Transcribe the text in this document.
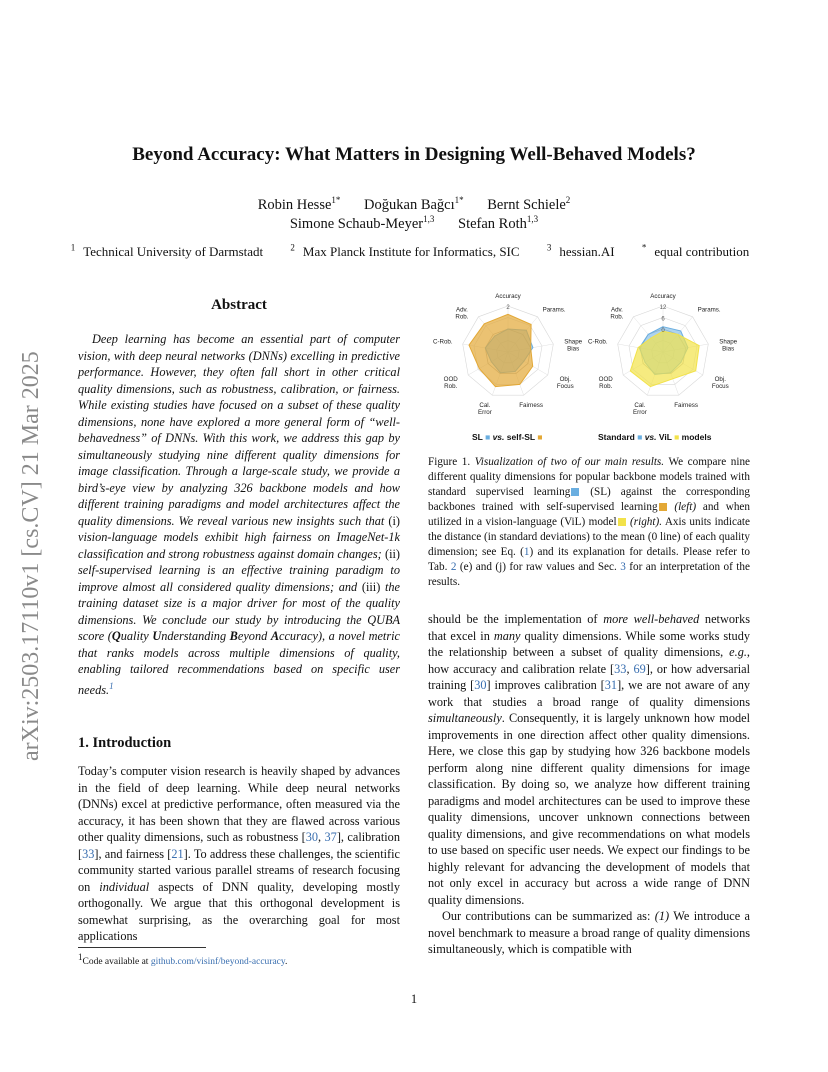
arXiv:2503.17110v1 [cs.CV] 21 Mar 2025
Beyond Accuracy: What Matters in Designing Well-Behaved Models?
Robin Hesse$^{1*}$ Doğukan Bağcı$^{1*}$ Bernt Schiele$^2$
Simone Schaub-Meyer$^{1,3}$ Stefan Roth$^{1,3}$
$^1$ Technical University of Darmstadt	$^2$ Max Planck Institute for Informatics, SIC	$^3$ hessian.AI	* equal contribution
Abstract
Deep learning has become an essential part of computer vision, with deep neural networks (DNNs) excelling in predictive performance. However, they often fall short in other critical quality dimensions, such as robustness, calibration, or fairness. While existing studies have focused on a subset of these quality dimensions, none have explored a more general form of “well-behavedness” of DNNs. With this work, we address this gap by simultaneously studying nine different quality dimensions for image classification. Through a large-scale study, we provide a bird’s-eye view by analyzing 326 backbone models and how different training paradigms and model architectures affect the quality dimensions. We reveal various new insights such that (i) vision-language models exhibit high fairness on ImageNet-1k classification and strong robustness against domain changes; (ii) self-supervised learning is an effective training paradigm to improve almost all considered quality dimensions; and (iii) the training dataset size is a major driver for most of the quality dimensions. We conclude our study by introducing the QUBA score (Quality Understanding Beyond Accuracy), a novel metric that ranks models across multiple dimensions of quality, enabling tailored recommendations based on specific user needs.$^1$
1. Introduction
Today’s computer vision research is heavily shaped by advances in the field of deep learning. While deep neural networks (DNNs) excel at predictive performance, often measured via the accuracy, it has been shown that they are flawed across various other quality dimensions, such as robustness [30, 37], calibration [33], and fairness [21]. To address these challenges, the scientific community started various parallel streams of research focusing on individual aspects of DNN quality, developing mostly orthogonally. We argue that this orthogonal development is somewhat surprising, as the overarching goal for most applications
$^1$Code available at github.com/visinf/beyond-accuracy.
2
Accuracy
Params.
Shape Bias
Obj. Focus
Fairness
Cal. Error
OOD Rob.
C-Rob.
Adv. Rob.
SL ■ vs. self-SL ■
12
6
0
Accuracy
Params.
Shape Bias
Obj. Focus
Fairness
Cal. Error
OOD Rob.
C-Rob.
Adv. Rob.
Standard ■ vs. ViL ■ models
Figure 1. Visualization of two of our main results. We compare nine different quality dimensions for popular backbone models trained with standard supervised learning (SL) against the corresponding backbones trained with self-supervised learning (left) and when utilized in a vision-language (ViL) model (right). Axis units indicate the distance (in standard deviations) to the mean (0 line) of each quality dimension; see Eq. (1) and its explanation for details. Please refer to Tab. 2 (e) and (j) for raw values and Sec. 3 for an interpretation of the results.

should be the implementation of more well-behaved networks that excel in many quality dimensions. While some works study the relationship between a subset of quality dimensions, e.g., how accuracy and calibration relate [33, 69], or how adversarial training [30] improves calibration [31], we are not aware of any work that studies a broad range of quality dimensions simultaneously. Consequently, it is largely unknown how model improvements in one direction affect other quality dimensions. Here, we close this gap by studying how 326 backbone models perform along nine different quality dimensions for image classification. By doing so, we analyze how different training paradigms and model architectures can be used to improve these quality dimensions, uncover unknown connections between quality dimensions, and give recommendations on what models to use based on specific user needs. We expect our findings to be highly relevant for advancing the development of models that not only excel in accuracy but across a wide range of DNN quality dimensions.

Our contributions can be summarized as: (1) We introduce a novel benchmark to measure a broad range of quality dimensions simultaneously, which is compatible with

1
